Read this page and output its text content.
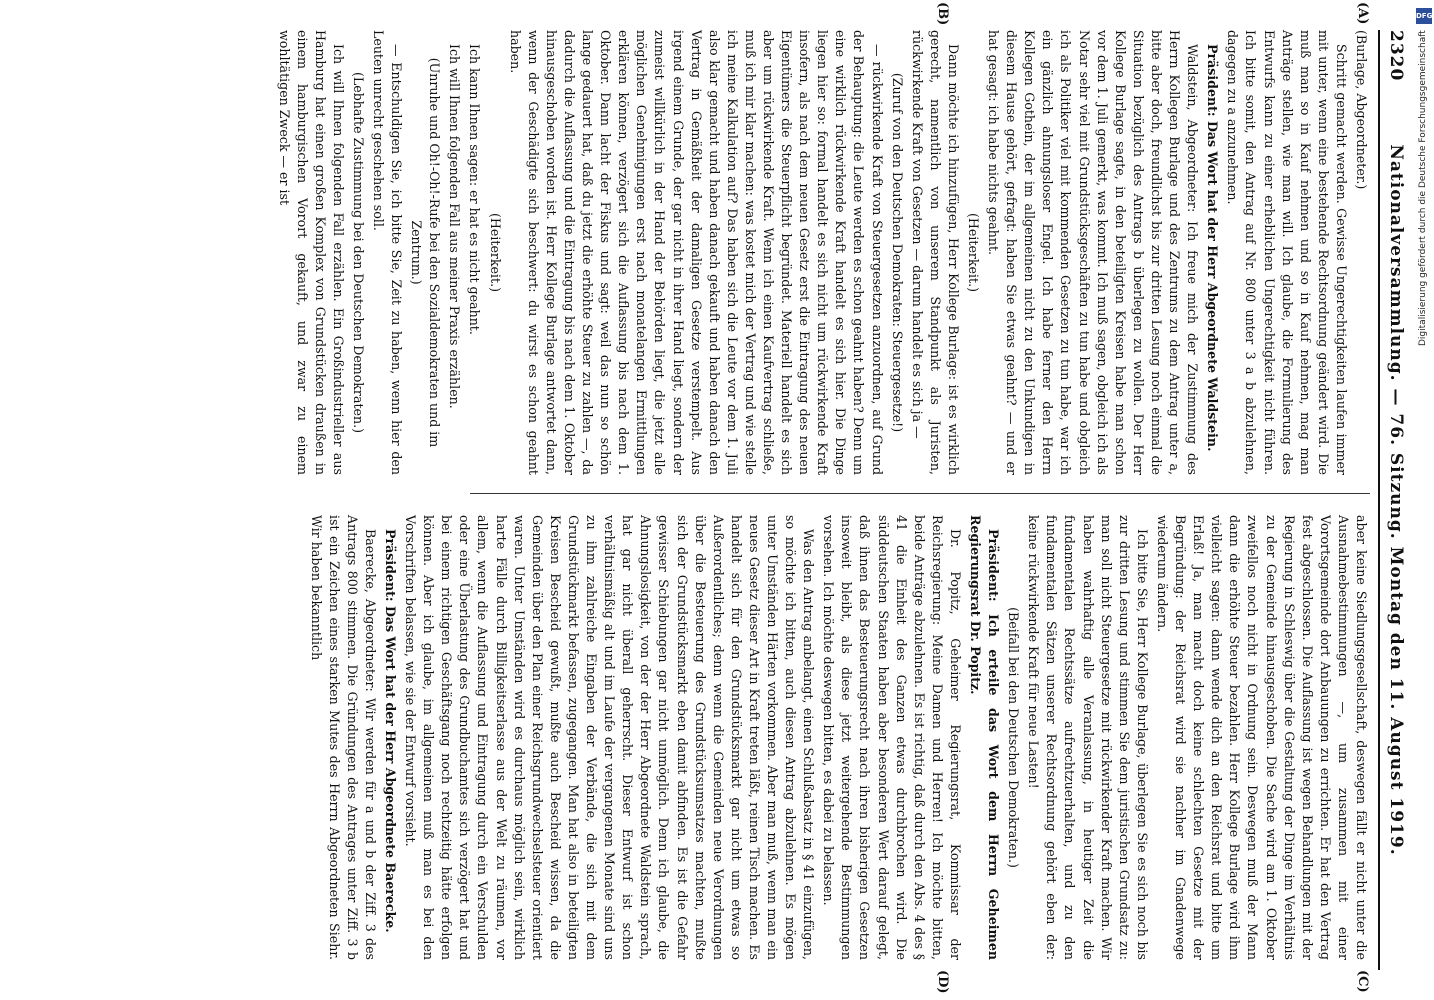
DFG
Digitalisierung gefördert durch die Deutsche Forschungsgemeinschaft
2320
Nationalversammlung. — 76. Sitzung. Montag den 11. August 1919.
(A)
(B)
(C)
(D)

(Burlage, Abgeordneter.)

Schritt gemacht werden. Gewisse Ungerechtigkeiten laufen immer mit unter, wenn eine bestehende Rechtsordnung geändert wird. Die muß man so in Kauf nehmen und so in Kauf nehmen, mag man Anträge stellen, wie man will. Ich glaube, die Formulierung des Entwurfs kann zu einer erheblichen Ungerechtigkeit nicht führen. Ich bitte somit, den Antrag auf Nr. 800 unter 3 a b abzulehnen, dagegen zu a anzunehmen.

Präsident: Das Wort hat der Herr Abgeordnete Waldstein.

Waldstein, Abgeordneter: Ich freue mich der Zustimmung des Herrn Kollegen Burlage und des Zentrums zu dem Antrag unter a, bitte aber doch, freundlichst bis zur dritten Lesung noch einmal die Situation bezüglich des Antrags b überlegen zu wollen. Der Herr Kollege Burlage sagte, in den beteiligten Kreisen habe man schon vor dem 1. Juli gemerkt, was kommt. Ich muß sagen, obgleich ich als Notar sehr viel mit Grundstücksgeschäften zu tun habe und obgleich ich als Politiker viel mit kommenden Gesetzen zu tun habe, war ich ein gänzlich ahnungsloser Engel. Ich habe ferner den Herrn Kollegen Gothein, der im allgemeinen nicht zu den Unkundigen in diesem Hause gehört, gefragt: haben Sie etwas geahnt? — und er hat gesagt: ich habe nichts geahnt.

(Heiterkeit.)

Dann möchte ich hinzufügen, Herr Kollege Burlage: ist es wirklich gerecht, namentlich von unserem Standpunkt als Juristen, rückwirkende Kraft von Gesetzen — darum handelt es sich ja —

(Zuruf von den Deutschen Demokraten: Steuergesetze!)

— rückwirkende Kraft von Steuergesetzen anzuordnen, auf Grund der Behauptung: die Leute werden es schon geahnt haben? Denn um eine wirklich rückwirkende Kraft handelt es sich hier. Die Dinge liegen hier so: formal handelt es sich nicht um rückwirkende Kraft insofern, als nach dem neuen Gesetz erst die Eintragung des neuen Eigentümers die Steuerpflicht begründet. Materiell handelt es sich aber um rückwirkende Kraft. Wenn ich einen Kaufvertrag schließe, muß ich mir klar machen: was kostet mich der Vertrag und wie stelle ich meine Kalkulation auf? Das haben sich die Leute vor dem 1. Juli also klar gemacht und haben danach gekauft und haben danach den Vertrag in Gemäßheit der damaligen Gesetze verstempelt. Aus irgend einem Grunde, der gar nicht in ihrer Hand liegt, sondern der zumeist willkürlich in der Hand der Behörden liegt, die jetzt alle möglichen Genehmigungen erst nach monatelangen Ermittlungen erklären können, verzögert sich die Auflassung bis nach dem 1. Oktober. Dann lacht der Fiskus und sagt: weil das nun so schön lange gedauert hat, daß du jetzt die erhöhte Steuer zu zahlen —, da dadurch die Auflassung und die Eintragung bis nach dem 1. Oktober hinausgeschoben worden ist. Herr Kollege Burlage antwortet dann, wenn der Geschädigte sich beschwert: du wirst es schon geahnt haben.

(Heiterkeit.)

Ich kann Ihnen sagen: er hat es nicht geahnt.

Ich will Ihnen folgenden Fall aus meiner Praxis erzählen.

(Unruhe und Oh!-Oh!-Rufe bei den Sozialdemokraten und im Zentrum.)

— Entschuldigen Sie, ich bitte Sie, Zeit zu haben, wenn hier den Leuten unrecht geschehen soll.

(Lebhafte Zustimmung bei den Deutschen Demokraten.)

Ich will Ihnen folgenden Fall erzählen. Ein Großindustrieller aus Hamburg hat einen großen Komplex von Grundstücken draußen in einem hamburgischen Vorort gekauft, und zwar zu einem wohltätigen Zweck — er ist

aber keine Siedlungsgesellschaft, deswegen fällt er nicht unter die Ausnahmebestimmungen —, um zusammen mit einer Vorortsgemeinde dort Anbauungen zu errichten. Er hat den Vertrag fest abgeschlossen. Die Auflassung ist wegen Behandlungen mit der Regierung in Schleswig über die Gestaltung der Dinge im Verhältnis zu der Gemeinde hinausgeschoben. Die Sache wird am 1. Oktober zweifellos noch nicht in Ordnung sein. Deswegen muß der Mann dann die erhöhte Steuer bezahlen. Herr Kollege Burlage wird ihm vielleicht sagen: dann wende dich an den Reichsrat und bitte um Erlaß! Ja, man macht doch keine schlechten Gesetze mit der Begründung: der Reichsrat wird sie nachher im Gnadenwege wiederum ändern.

Ich bitte Sie, Herr Kollege Burlage, überlegen Sie es sich noch bis zur dritten Lesung und stimmen Sie dem juristischen Grundsatz zu: man soll nicht Steuergesetze mit rückwirkender Kraft machen. Wir haben wahrhaftig alle Veranlassung, in heutiger Zeit die fundamentalen Rechtssätze aufrechtzuerhalten, und zu den fundamentalen Sätzen unserer Rechtsordnung gehört eben der: keine rückwirkende Kraft für neue Lasten!

(Beifall bei den Deutschen Demokraten.)

Präsident: Ich erteile das Wort dem Herrn Geheimen Regierungsrat Dr. Popitz.

Dr. Popitz, Geheimer Regierungsrat, Kommissar der Reichsregierung: Meine Damen und Herren! Ich möchte bitten, beide Anträge abzulehnen. Es ist richtig, daß durch den Abs. 4 des § 41 die Einheit des Ganzen etwas durchbrochen wird. Die süddeutschen Staaten haben aber besonderen Wert darauf gelegt, daß ihnen das Besteuerungsrecht nach ihren bisherigen Gesetzen insoweit bleibt, als diese jetzt weitergehende Bestimmungen vorsehen. Ich möchte deswegen bitten, es dabei zu belassen.

Was den Antrag anbelangt, einen Schlußabsatz in § 41 einzufügen, so möchte ich bitten, auch diesen Antrag abzulehnen. Es mögen unter Umständen Härten vorkommen. Aber man muß, wenn man ein neues Gesetz dieser Art in Kraft treten läßt, reinen Tisch machen. Es handelt sich für den Grundstücksmarkt gar nicht um etwas so Außerordentliches; denn wenn die Gemeinden neue Verordnungen über die Besteuerung des Grundstücksumsatzes machten, mußte sich der Grundstücksmarkt eben damit abfinden. Es ist die Gefahr gewisser Schiebungen gar nicht unmöglich. Denn ich glaube, die Ahnungslosigkeit, von der der Herr Abgeordnete Waldstein sprach, hat gar nicht überall geherrscht. Dieser Entwurf ist schon verhältnismäßig alt und im Laufe der vergangenen Monate sind uns zu ihm zahlreiche Eingaben der Verbände, die sich mit dem Grundstückmarkt befassen, zugegangen. Man hat also in beteiligten Kreisen Bescheid gewußt, mußte auch Bescheid wissen, da die Gemeinden über den Plan einer Reichsgrundwechselsteuer orientiert waren. Unter Umständen wird es durchaus möglich sein, wirklich harte Fälle durch Billigkeitserlasse aus der Welt zu räumen, vor allem, wenn die Auflassung und Eintragung durch ein Verschulden oder eine Überlastung des Grundbuchamtes sich verzögert hat und bei einem richtigen Geschäftsgang noch rechtzeitig hätte erfolgen können. Aber ich glaube, im allgemeinen muß man es bei den Vorschriften belassen, wie sie der Entwurf vorsieht.

Präsident: Das Wort hat der Herr Abgeordnete Baerecke.

Baerecke, Abgeordneter: Wir werden für a und b der Ziff. 3 des Antrags 800 stimmen. Die Gründungen des Antrages unter Ziff. 3 b ist ein Zeichen eines starken Mutes des Herrn Abgeordneten Siehr. Wir haben bekanntlich
